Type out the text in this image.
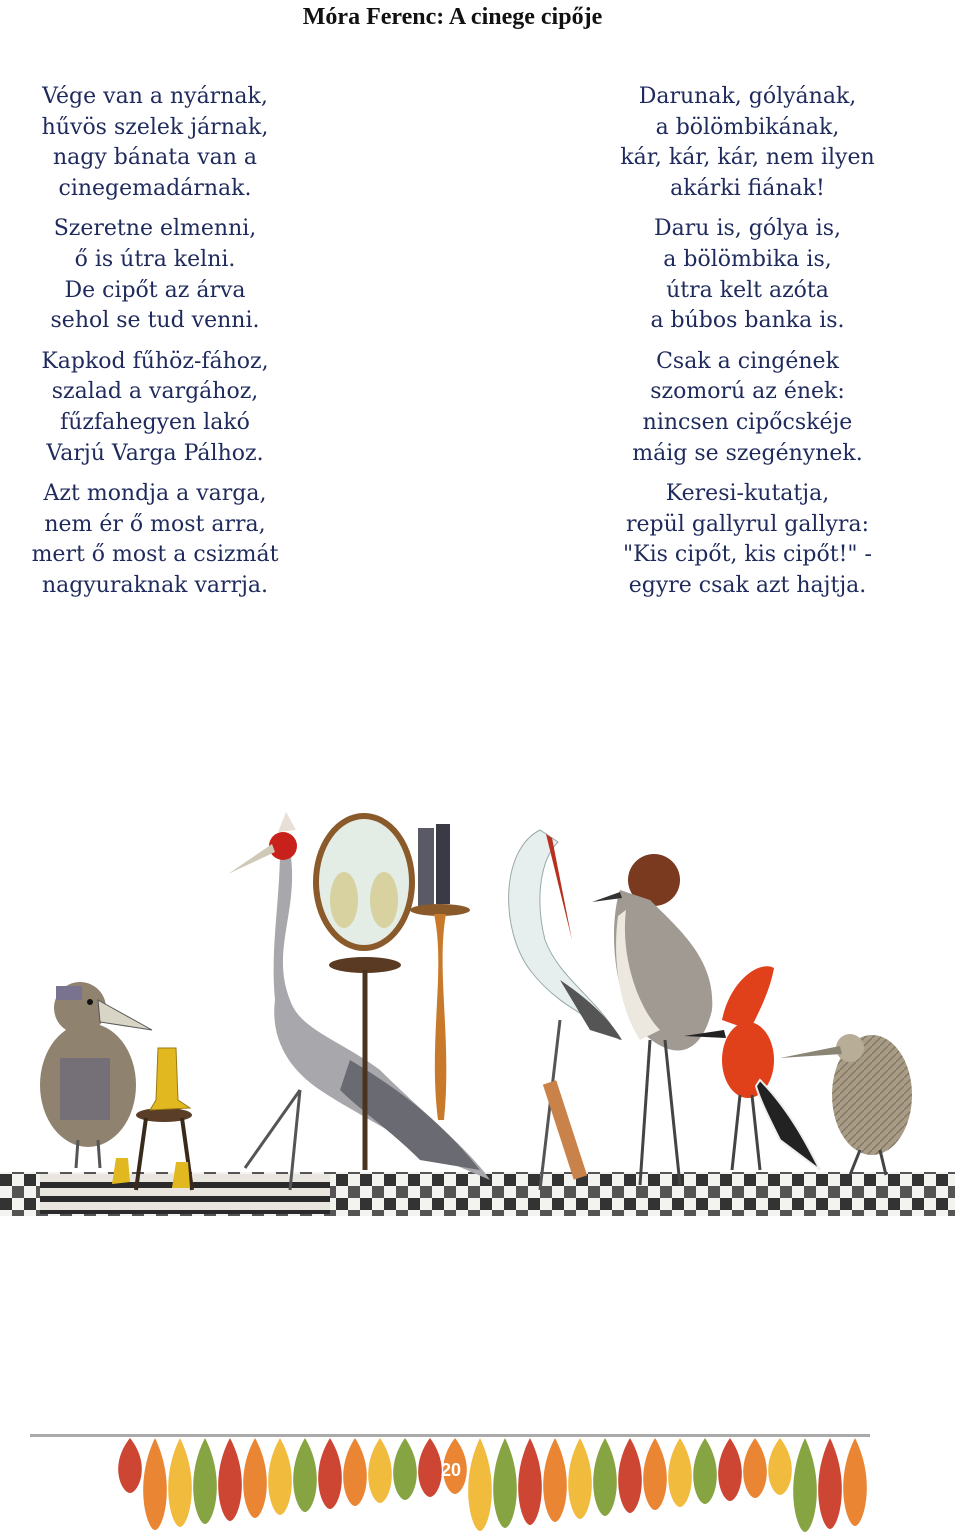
Móra Ferenc: A cinege cipője
Vége van a nyárnak,
hűvös szelek járnak,
nagy bánata van a
cinegemadárnak.
Szeretne elmenni,
ő is útra kelni.
De cipőt az árva
sehol se tud venni.
Kapkod fűhöz-fához,
szalad a vargához,
fűzfahegyen lakó
Varjú Varga Pálhoz.
Azt mondja a varga,
nem ér ő most arra,
mert ő most a csizmát
nagyuraknak varrja.
Darunak, gólyának,
a bölömbikának,
kár, kár, kár, nem ilyen
akárki fiának!
Daru is, gólya is,
a bölömbika is,
útra kelt azóta
a búbos banka is.
Csak a cingének
szomorú az ének:
nincsen cipőcskéje
máig se szegénynek.
Keresi-kutatja,
repül gallyrul gallyra:
"Kis cipőt, kis cipőt!" -
egyre csak azt hajtja.
20
